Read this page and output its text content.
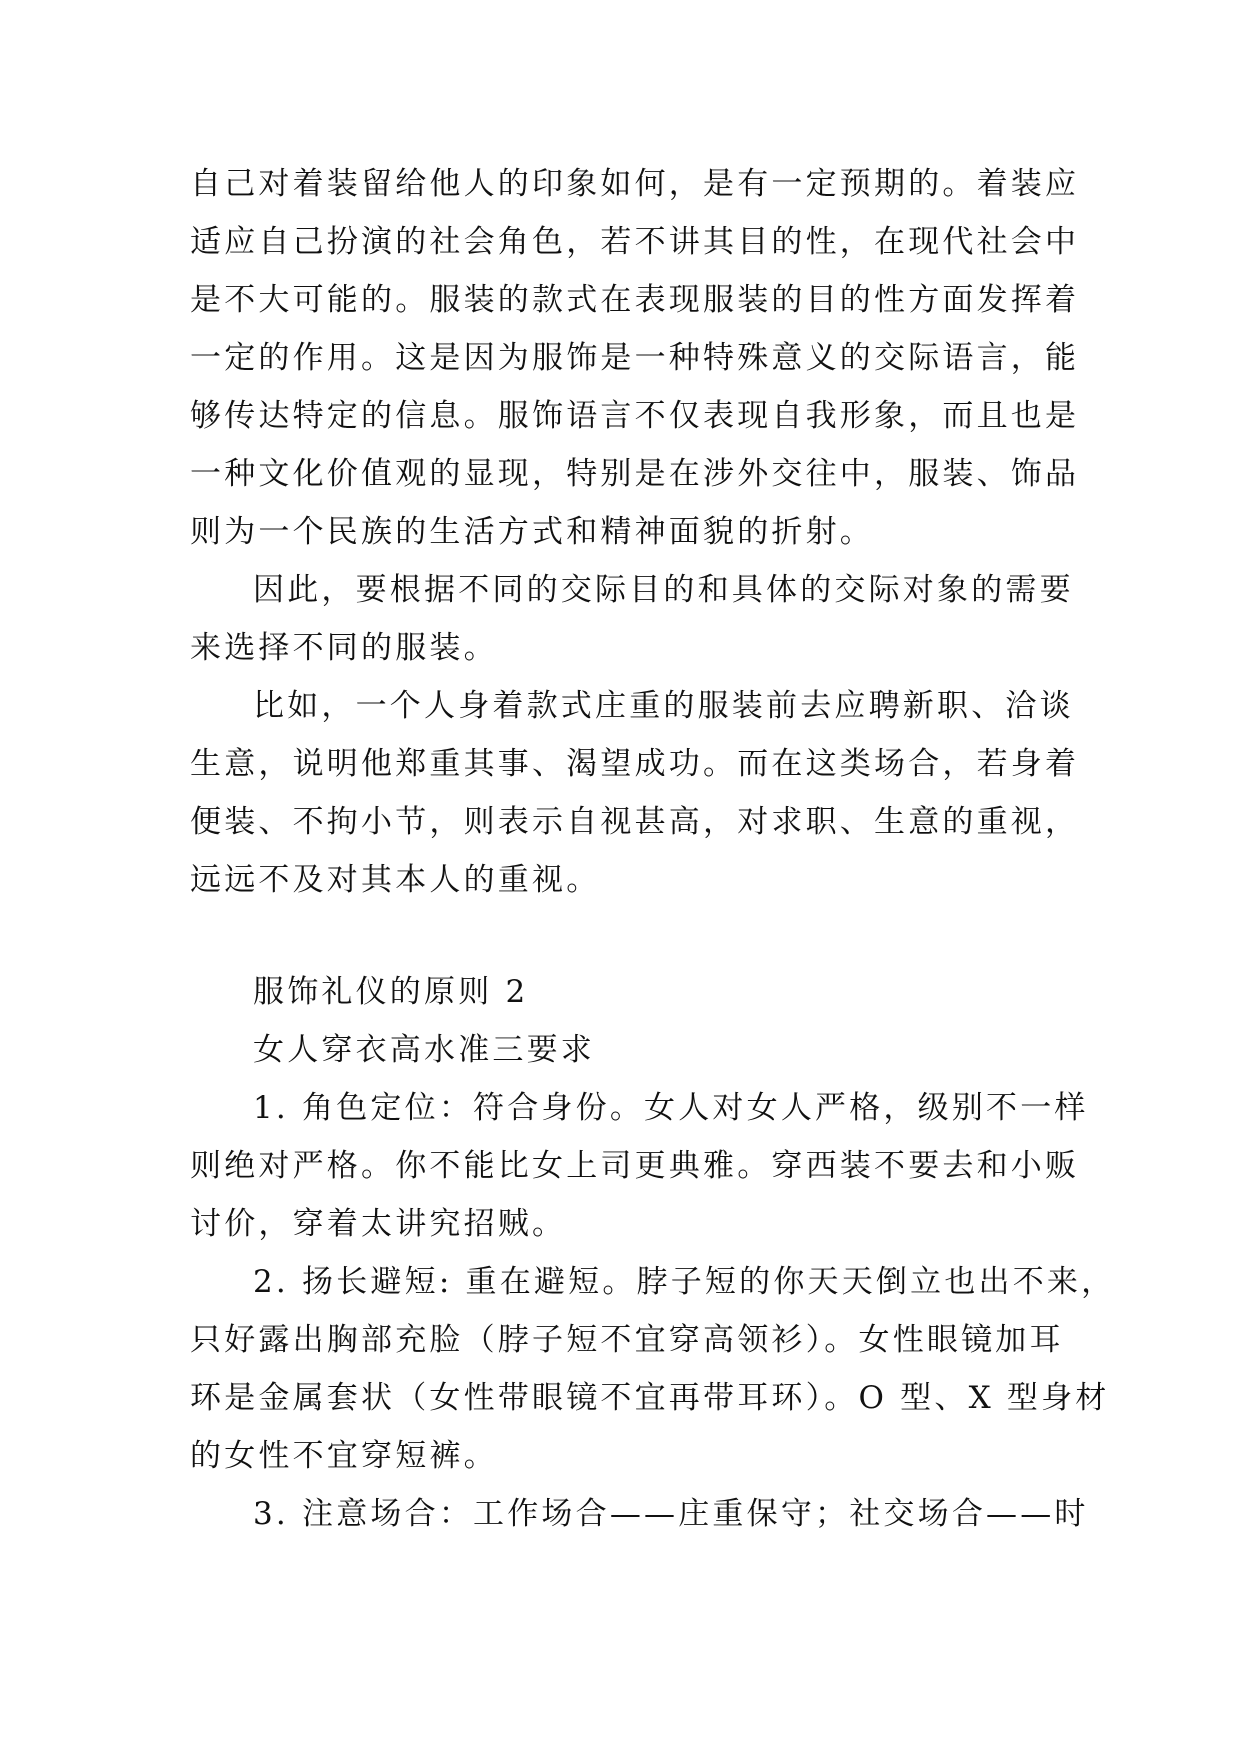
自己对着装留给他人的印象如何，是有一定预期的。着装应
适应自己扮演的社会角色，若不讲其目的性，在现代社会中
是不大可能的。服装的款式在表现服装的目的性方面发挥着
一定的作用。这是因为服饰是一种特殊意义的交际语言，能
够传达特定的信息。服饰语言不仅表现自我形象，而且也是
一种文化价值观的显现，特别是在涉外交往中，服装、饰品
则为一个民族的生活方式和精神面貌的折射。
因此，要根据不同的交际目的和具体的交际对象的需要
来选择不同的服装。
比如，一个人身着款式庄重的服装前去应聘新职、洽谈
生意，说明他郑重其事、渴望成功。而在这类场合，若身着
便装、不拘小节，则表示自视甚高，对求职、生意的重视，
远远不及对其本人的重视。
服饰礼仪的原则 2
女人穿衣高水准三要求
1. 角色定位：符合身份。女人对女人严格，级别不一样
则绝对严格。你不能比女上司更典雅。穿西装不要去和小贩
讨价，穿着太讲究招贼。
2. 扬长避短: 重在避短。脖子短的你天天倒立也出不来，
只好露出胸部充脸（脖子短不宜穿高领衫）。女性眼镜加耳
环是金属套状（女性带眼镜不宜再带耳环）。O 型、X 型身材
的女性不宜穿短裤。
3. 注意场合：工作场合——庄重保守；社交场合——时
